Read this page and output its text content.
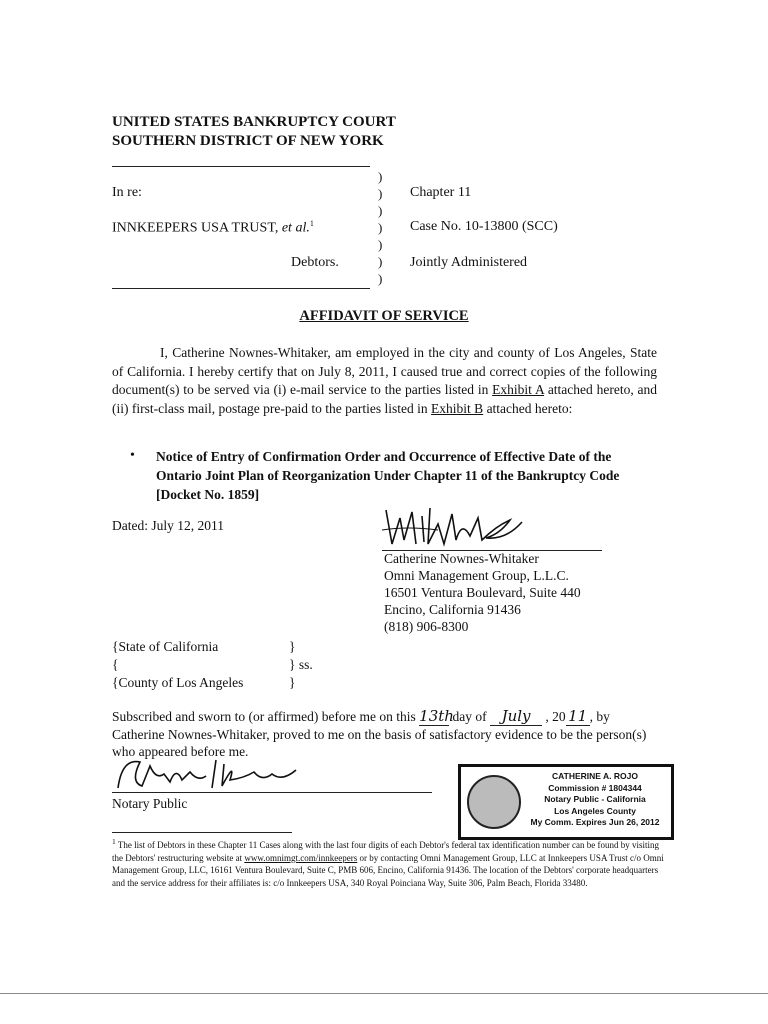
UNITED STATES BANKRUPTCY COURT
SOUTHERN DISTRICT OF NEW YORK
In re:
INNKEEPERS USA TRUST, et al.$^1$
Debtors.
)
)
)
)
)
)
)
Chapter 11
Case No. 10-13800 (SCC)
Jointly Administered
AFFIDAVIT OF SERVICE
I, Catherine Nownes-Whitaker, am employed in the city and county of Los Angeles, State of California. I hereby certify that on July 8, 2011, I caused true and correct copies of the following document(s) to be served via (i) e-mail service to the parties listed in Exhibit A attached hereto, and (ii) first-class mail, postage pre-paid to the parties listed in Exhibit B attached hereto:
• Notice of Entry of Confirmation Order and Occurrence of Effective Date of the Ontario Joint Plan of Reorganization Under Chapter 11 of the Bankruptcy Code [Docket No. 1859]
Dated: July 12, 2011
Catherine Nownes-Whitaker
Omni Management Group, L.L.C.
16501 Ventura Boulevard, Suite 440
Encino, California 91436
(818) 906-8300
{State of California
{
{County of Los Angeles
}
} ss.
}
Subscribed and sworn to (or affirmed) before me on this 13th day of July , 20 11 , by Catherine Nownes-Whitaker, proved to me on the basis of satisfactory evidence to be the person(s) who appeared before me.
Notary Public
CATHERINE A. ROJO
Commission # 1804344
Notary Public - California
Los Angeles County
My Comm. Expires Jun 26, 2012
$^1$ The list of Debtors in these Chapter 11 Cases along with the last four digits of each Debtor's federal tax identification number can be found by visiting the Debtors' restructuring website at www.omnimgt.com/innkeepers or by contacting Omni Management Group, LLC at Innkeepers USA Trust c/o Omni Management Group, LLC, 16161 Ventura Boulevard, Suite C, PMB 606, Encino, California 91436. The location of the Debtors' corporate headquarters and the service address for their affiliates is: c/o Innkeepers USA, 340 Royal Poinciana Way, Suite 306, Palm Beach, Florida 33480.
